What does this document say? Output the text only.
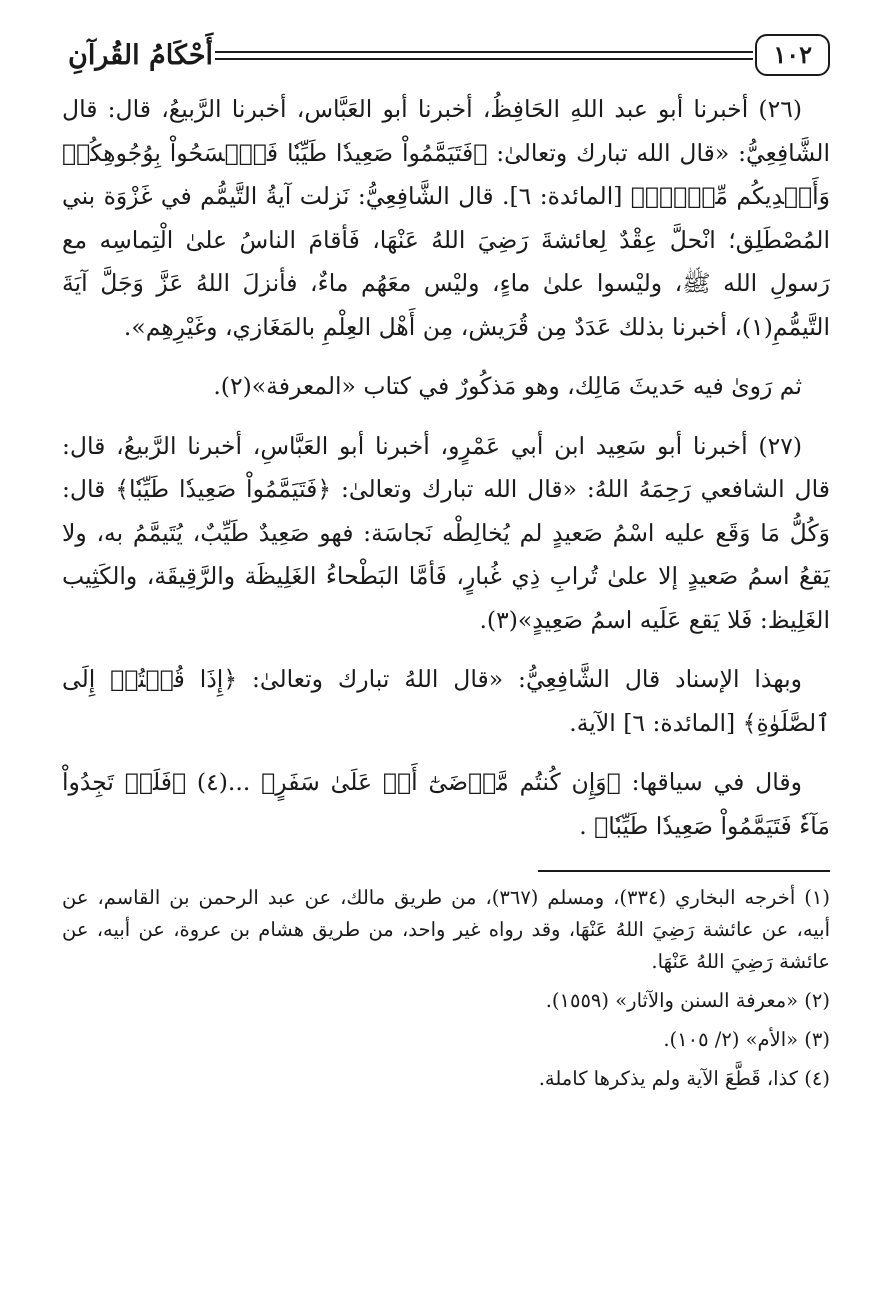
١٠٢
أَحْكَامُ القُرآنِ

(٢٦) أخبرنا أبو عبد اللهِ الحَافِظُ، أخبرنا أبو العَبَّاس، أخبرنا الرَّبيعُ، قال: قال الشَّافِعِيُّ: «قال الله تبارك وتعالىٰ: ﴿فَتَيَمَّمُواْ صَعِيدٗا طَيِّبٗا فَٱمۡسَحُواْ بِوُجُوهِكُمۡ وَأَيۡدِيكُم مِّنۡهُۚ﴾ [المائدة: ٦]. قال الشَّافِعِيُّ: نَزلت آيةُ التَّيمُّم في غَزْوَة بني المُصْطَلِق؛ انْحلَّ عِقْدٌ لِعائشةَ رَضِيَ اللهُ عَنْهَا، فَأقامَ الناسُ علىٰ الْتِماسِه مع رَسولِ الله ﷺ، وليْسوا علىٰ ماءٍ، وليْس معَهُم ماءٌ، فأنزلَ اللهُ عَزَّ وَجَلَّ آيَةَ التَّيمُّمِ(١)، أخبرنا بذلك عَدَدٌ مِن قُرَيش، مِن أَهْل العِلْمِ بالمَغَازي، وغَيْرِهِم».

ثم رَوىٰ فيه حَديثَ مَالِك، وهو مَذكُورٌ في كتاب «المعرفة»(٢).

(٢٧) أخبرنا أبو سَعِيد ابن أبي عَمْرٍو، أخبرنا أبو العَبَّاسِ، أخبرنا الرَّبيعُ، قال: قال الشافعي رَحِمَهُ اللهُ: «قال الله تبارك وتعالىٰ: ﴿فَتَيَمَّمُواْ صَعِيدٗا طَيِّبٗا﴾ قال: وَكُلُّ مَا وَقَع عليه اسْمُ صَعيدٍ لم يُخالِطْه نَجاسَة: فهو صَعِيدٌ طَيِّبٌ، يُتَيمَّمُ به، ولا يَقعُ اسمُ صَعيدٍ إلا علىٰ تُرابِ ذِي غُبارٍ، فَأمَّا البَطْحاءُ الغَلِيظَة والرَّقِيقَة، والكَثِيب الغَلِيظ: فَلا يَقع عَلَيه اسمُ صَعِيدٍ»(٣).

وبهذا الإسناد قال الشَّافِعِيُّ: «قال اللهُ تبارك وتعالىٰ: ﴿إِذَا قُمۡتُمۡ إِلَى ٱلصَّلَوٰةِ﴾ [المائدة: ٦] الآية.

وقال في سياقها: ﴿وَإِن كُنتُم مَّرۡضَىٰٓ أَوۡ عَلَىٰ سَفَرٍ﴾ ...(٤) ﴿فَلَمۡ تَجِدُواْ مَآءٗ فَتَيَمَّمُواْ صَعِيدٗا طَيِّبٗا﴾ .

(١) أخرجه البخاري (٣٣٤)، ومسلم (٣٦٧)، من طريق مالك، عن عبد الرحمن بن القاسم، عن أبيه، عن عائشة رَضِيَ اللهُ عَنْهَا، وقد رواه غير واحد، من طريق هشام بن عروة، عن أبيه، عن عائشة رَضِيَ اللهُ عَنْهَا.

(٢) «معرفة السنن والآثار» (١٥٥٩).

(٣) «الأم» (٢/ ١٠٥).

(٤) كذا، قَطَّعَ الآية ولم يذكرها كاملة.
